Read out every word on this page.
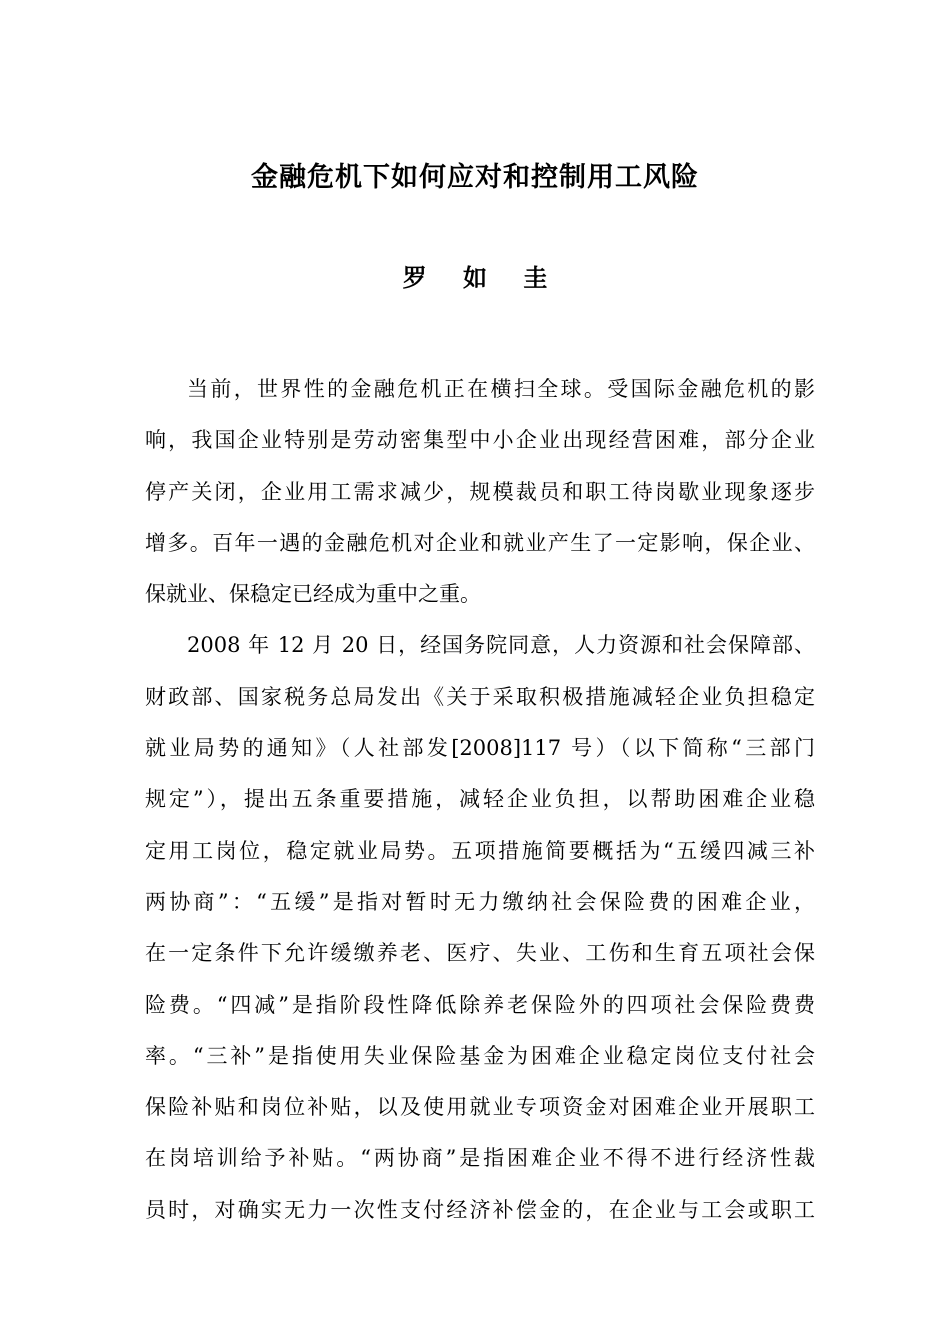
金融危机下如何应对和控制用工风险
罗 如 圭
当前，世界性的金融危机正在横扫全球。受国际金融危机的影
响，我国企业特别是劳动密集型中小企业出现经营困难，部分企业
停产关闭，企业用工需求减少，规模裁员和职工待岗歇业现象逐步
增多。百年一遇的金融危机对企业和就业产生了一定影响，保企业、
保就业、保稳定已经成为重中之重。
2008 年 12 月 20 日，经国务院同意，人力资源和社会保障部、
财政部、国家税务总局发出《关于采取积极措施减轻企业负担稳定
就业局势的通知》（人社部发[2008]117 号）（以下简称“三部门
规定”），提出五条重要措施，减轻企业负担，以帮助困难企业稳
定用工岗位，稳定就业局势。五项措施简要概括为“五缓四减三补
两协商”：“五缓”是指对暂时无力缴纳社会保险费的困难企业，
在一定条件下允许缓缴养老、医疗、失业、工伤和生育五项社会保
险费。“四减”是指阶段性降低除养老保险外的四项社会保险费费
率。“三补”是指使用失业保险基金为困难企业稳定岗位支付社会
保险补贴和岗位补贴，以及使用就业专项资金对困难企业开展职工
在岗培训给予补贴。“两协商”是指困难企业不得不进行经济性裁
员时，对确实无力一次性支付经济补偿金的，在企业与工会或职工
